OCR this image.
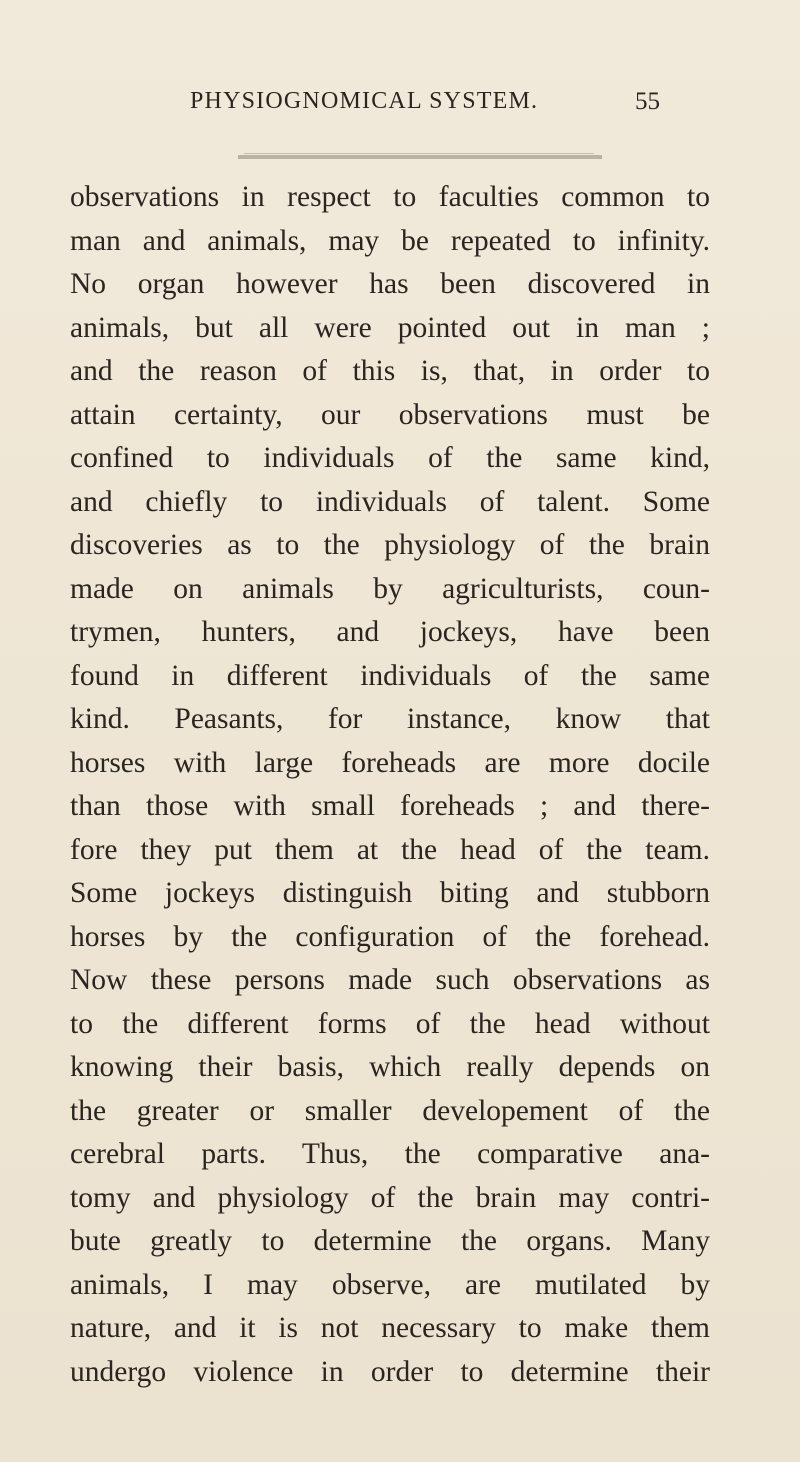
PHYSIOGNOMICAL SYSTEM.	55
observations in respect to faculties common to
man and animals, may be repeated to infinity.
No organ however has been discovered in
animals, but all were pointed out in man ;
and the reason of this is, that, in order to
attain certainty, our observations must be
confined to individuals of the same kind,
and chiefly to individuals of talent. Some
discoveries as to the physiology of the brain
made on animals by agriculturists, coun-
trymen, hunters, and jockeys, have been
found in different individuals of the same
kind. Peasants, for instance, know that
horses with large foreheads are more docile
than those with small foreheads ; and there-
fore they put them at the head of the team.
Some jockeys distinguish biting and stubborn
horses by the configuration of the forehead.
Now these persons made such observations as
to the different forms of the head without
knowing their basis, which really depends on
the greater or smaller developement of the
cerebral parts. Thus, the comparative ana-
tomy and physiology of the brain may contri-
bute greatly to determine the organs. Many
animals, I may observe, are mutilated by
nature, and it is not necessary to make them
undergo violence in order to determine their
